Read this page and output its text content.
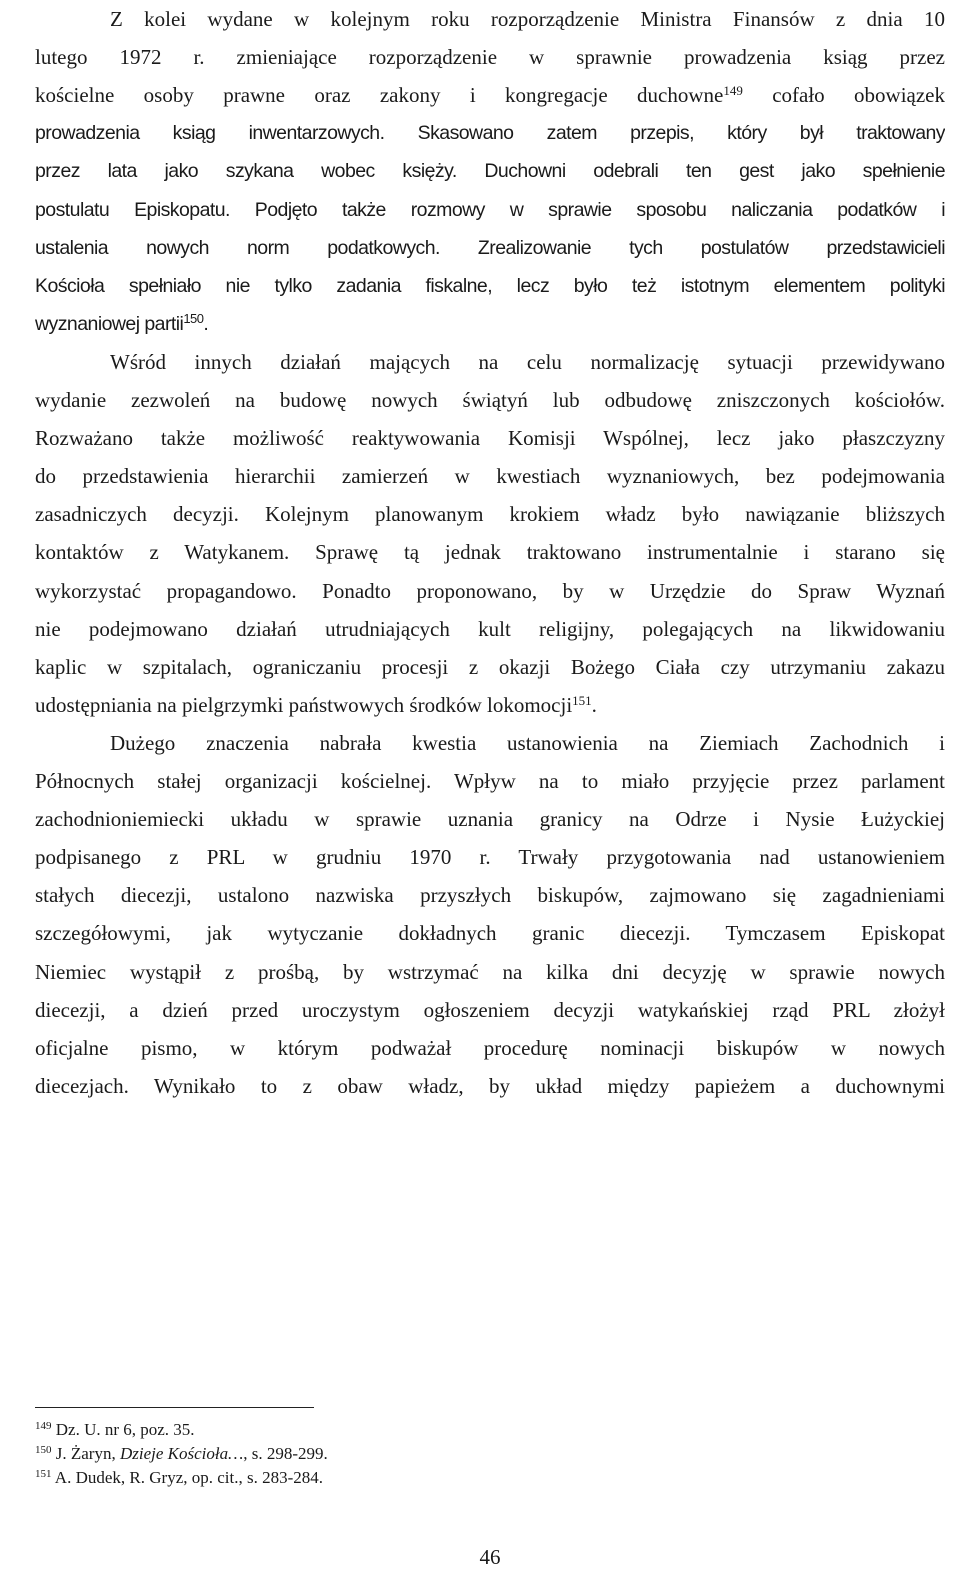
Z kolei wydane w kolejnym roku rozporządzenie Ministra Finansów z dnia 10
lutego 1972 r. zmieniające rozporządzenie w sprawnie prowadzenia ksiąg przez
kościelne osoby prawne oraz zakony i kongregacje duchowne$^{149}$ cofało obowiązek
prowadzenia ksiąg inwentarzowych. Skasowano zatem przepis, który był traktowany
przez lata jako szykana wobec księży. Duchowni odebrali ten gest jako spełnienie
postulatu Episkopatu. Podjęto także rozmowy w sprawie sposobu naliczania podatków i
ustalenia nowych norm podatkowych. Zrealizowanie tych postulatów przedstawicieli
Kościoła spełniało nie tylko zadania fiskalne, lecz było też istotnym elementem polityki
wyznaniowej partii$^{150}$.
Wśród innych działań mających na celu normalizację sytuacji przewidywano
wydanie zezwoleń na budowę nowych świątyń lub odbudowę zniszczonych kościołów.
Rozważano także możliwość reaktywowania Komisji Wspólnej, lecz jako płaszczyzny
do przedstawienia hierarchii zamierzeń w kwestiach wyznaniowych, bez podejmowania
zasadniczych decyzji. Kolejnym planowanym krokiem władz było nawiązanie bliższych
kontaktów z Watykanem. Sprawę tą jednak traktowano instrumentalnie i starano się
wykorzystać propagandowo. Ponadto proponowano, by w Urzędzie do Spraw Wyznań
nie podejmowano działań utrudniających kult religijny, polegających na likwidowaniu
kaplic w szpitalach, ograniczaniu procesji z okazji Bożego Ciała czy utrzymaniu zakazu
udostępniania na pielgrzymki państwowych środków lokomocji$^{151}$.
Dużego znaczenia nabrała kwestia ustanowienia na Ziemiach Zachodnich i
Północnych stałej organizacji kościelnej. Wpływ na to miało przyjęcie przez parlament
zachodnioniemiecki układu w sprawie uznania granicy na Odrze i Nysie Łużyckiej
podpisanego z PRL w grudniu 1970 r. Trwały przygotowania nad ustanowieniem
stałych diecezji, ustalono nazwiska przyszłych biskupów, zajmowano się zagadnieniami
szczegółowymi, jak wytyczanie dokładnych granic diecezji. Tymczasem Episkopat
Niemiec wystąpił z prośbą, by wstrzymać na kilka dni decyzję w sprawie nowych
diecezji, a dzień przed uroczystym ogłoszeniem decyzji watykańskiej rząd PRL złożył
oficjalne pismo, w którym podważał procedurę nominacji biskupów w nowych
diecezjach. Wynikało to z obaw władz, by układ między papieżem a duchownymi
$^{149}$ Dz. U. nr 6, poz. 35.
$^{150}$ J. Żaryn, Dzieje Kościoła…, s. 298-299.
$^{151}$ A. Dudek, R. Gryz, op. cit., s. 283-284.
46
